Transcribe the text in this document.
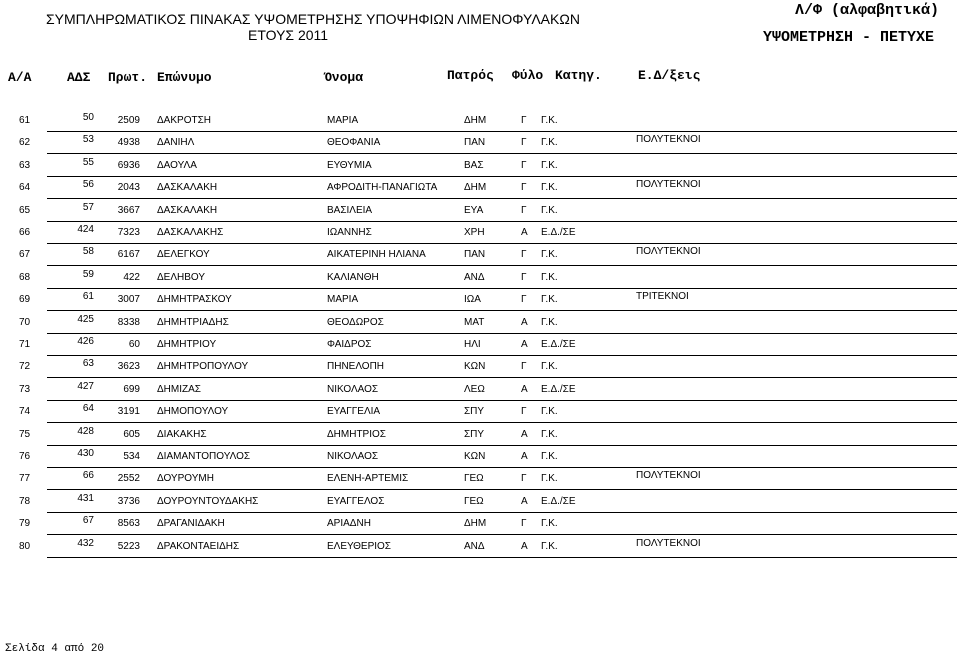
ΣΥΜΠΛΗΡΩΜΑΤΙΚΟΣ ΠΙΝΑΚΑΣ ΥΨΟΜΕΤΡΗΣΗΣ ΥΠΟΨΗΦΙΩΝ ΛΙΜΕΝΟΦΥΛΑΚΩΝ
ΕΤΟΥΣ 2011
Λ/Φ (αλφαβητικά)
ΥΨΟΜΕΤΡΗΣΗ - ΠΕΤΥΧΕ
Α/Α	ΑΔΣ Πρωτ. Επώνυμο	Όνομα	Πατρός Φύλο Κατηγ.	Ε.Δ/ξεις
61	50 2509 ΔΑΚΡΟΤΣΗ	ΜΑΡΙΑ	ΔΗΜ	Γ Γ.Κ.
62	53 4938 ΔΑΝΙΗΛ	ΘΕΟΦΑΝΙΑ	ΠΑΝ	Γ Γ.Κ.	ΠΟΛΥΤΕΚΝΟΙ
63	55 6936 ΔΑΟΥΛΑ	ΕΥΘΥΜΙΑ	ΒΑΣ	Γ Γ.Κ.
64	56 2043 ΔΑΣΚΑΛΑΚΗ	ΑΦΡΟΔΙΤΗ-ΠΑΝΑΓΙΩΤΑ	ΔΗΜ	Γ Γ.Κ.	ΠΟΛΥΤΕΚΝΟΙ
65	57 3667 ΔΑΣΚΑΛΑΚΗ	ΒΑΣΙΛΕΙΑ	ΕΥΑ	Γ Γ.Κ.
66	424 7323 ΔΑΣΚΑΛΑΚΗΣ	ΙΩΑΝΝΗΣ	ΧΡΗ	Α Ε.Δ./ΣΕ
67	58 6167 ΔΕΛΕΓΚΟΥ	ΑΙΚΑΤΕΡΙΝΗ ΗΛΙΑΝΑ	ΠΑΝ	Γ Γ.Κ.	ΠΟΛΥΤΕΚΝΟΙ
68	59	422 ΔΕΛΗΒΟΥ	ΚΑΛΙΑΝΘΗ	ΑΝΔ	Γ Γ.Κ.
69	61 3007 ΔΗΜΗΤΡΑΣΚΟΥ	ΜΑΡΙΑ	ΙΩΑ	Γ Γ.Κ.	ΤΡΙΤΕΚΝΟΙ
70	425 8338 ΔΗΜΗΤΡΙΑΔΗΣ	ΘΕΟΔΩΡΟΣ	ΜΑΤ	Α Γ.Κ.
71	426	60 ΔΗΜΗΤΡΙΟΥ	ΦΑΙΔΡΟΣ	ΗΛΙ	Α Ε.Δ./ΣΕ
72	63 3623 ΔΗΜΗΤΡΟΠΟΥΛΟΥ	ΠΗΝΕΛΟΠΗ	ΚΩΝ	Γ Γ.Κ.
73	427	699 ΔΗΜΙΖΑΣ	ΝΙΚΟΛΑΟΣ	ΛΕΩ	Α Ε.Δ./ΣΕ
74	64 3191 ΔΗΜΟΠΟΥΛΟΥ	ΕΥΑΓΓΕΛΙΑ	ΣΠΥ	Γ Γ.Κ.
75	428	605 ΔΙΑΚΑΚΗΣ	ΔΗΜΗΤΡΙΟΣ	ΣΠΥ	Α Γ.Κ.
76	430	534 ΔΙΑΜΑΝΤΟΠΟΥΛΟΣ	ΝΙΚΟΛΑΟΣ	ΚΩΝ	Α Γ.Κ.
77	66 2552 ΔΟΥΡΟΥΜΗ	ΕΛΕΝΗ-ΑΡΤΕΜΙΣ	ΓΕΩ	Γ Γ.Κ.	ΠΟΛΥΤΕΚΝΟΙ
78	431 3736 ΔΟΥΡΟΥΝΤΟΥΔΑΚΗΣ	ΕΥΑΓΓΕΛΟΣ	ΓΕΩ	Α Ε.Δ./ΣΕ
79	67 8563 ΔΡΑΓΑΝΙΔΑΚΗ	ΑΡΙΑΔΝΗ	ΔΗΜ	Γ Γ.Κ.
80	432 5223 ΔΡΑΚΟΝΤΑΕΙΔΗΣ	ΕΛΕΥΘΕΡΙΟΣ	ΑΝΔ	Α Γ.Κ.	ΠΟΛΥΤΕΚΝΟΙ
Σελίδα 4 από 20
